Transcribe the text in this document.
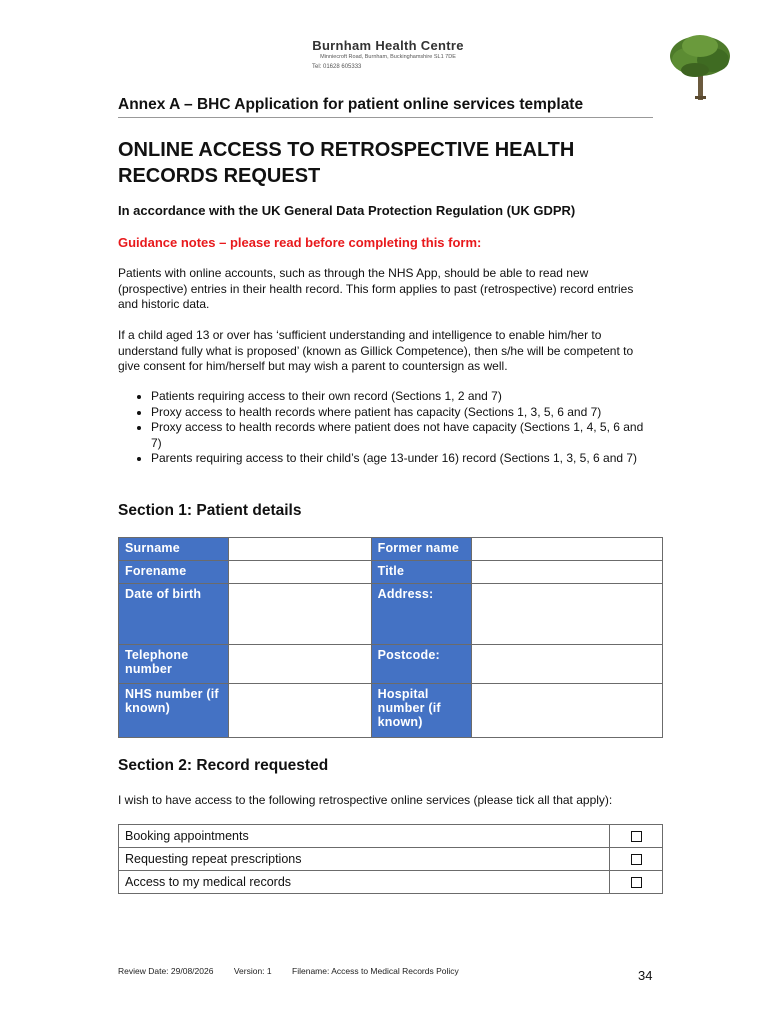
Burnham Health Centre
Minniecroft Road, Burnham, Buckinghamshire SL1 7DE
Tel: 01628 605333
Annex A – BHC Application for patient online services template
ONLINE ACCESS TO RETROSPECTIVE HEALTH
RECORDS REQUEST
In accordance with the UK General Data Protection Regulation (UK GDPR)
Guidance notes – please read before completing this form:
Patients with online accounts, such as through the NHS App, should be able to read new (prospective) entries in their health record. This form applies to past (retrospective) record entries and historic data.
If a child aged 13 or over has ‘sufficient understanding and intelligence to enable him/her to understand fully what is proposed’ (known as Gillick Competence), then s/he will be competent to give consent for him/herself but may wish a parent to countersign as well.
• Patients requiring access to their own record (Sections 1, 2 and 7)
• Proxy access to health records where patient has capacity (Sections 1, 3, 5, 6 and 7)
• Proxy access to health records where patient does not have capacity (Sections 1, 4, 5, 6 and 7)
• Parents requiring access to their child’s (age 13-under 16) record (Sections 1, 3, 5, 6 and 7)
Section 1: Patient details
Surname		Former name	
Forename		Title	
Date of birth		Address:	
Telephone number		Postcode:	
NHS number (if known)		Hospital number (if known)	
Section 2: Record requested
I wish to have access to the following retrospective online services (please tick all that apply):
Booking appointments	
Requesting repeat prescriptions	
Access to my medical records	
Review Date: 29/08/2026 Version: 1 Filename: Access to Medical Records Policy	34
